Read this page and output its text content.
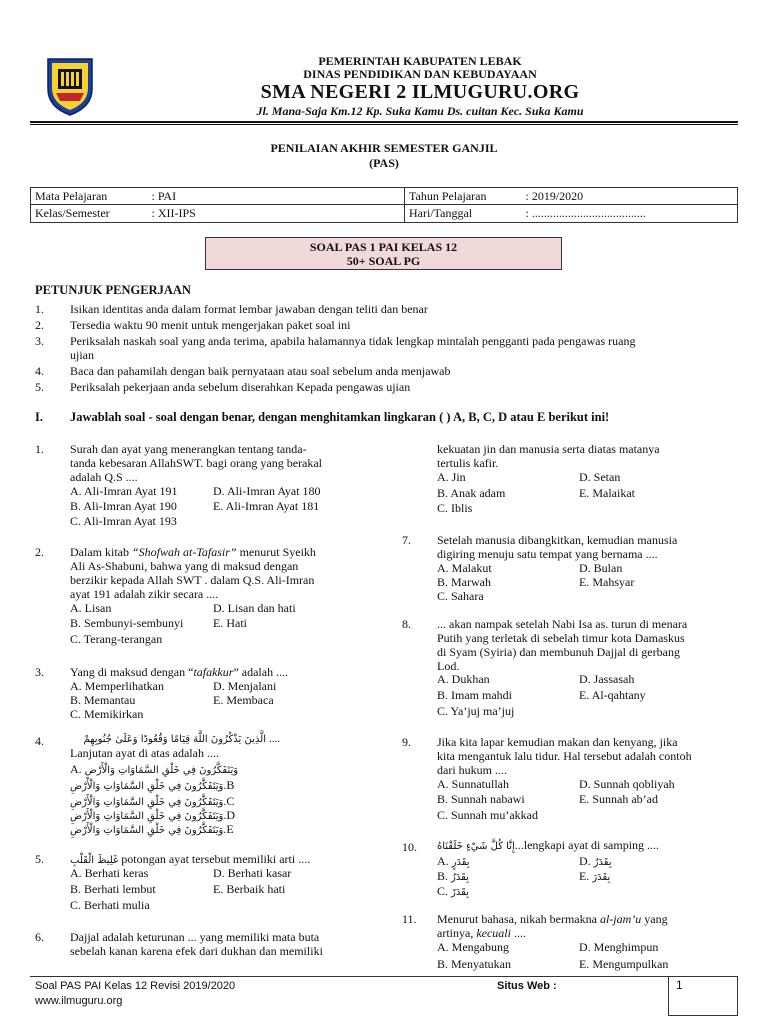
PEMERINTAH KABUPATEN LEBAK
DINAS PENDIDIKAN DAN KEBUDAYAAN
SMA NEGERI 2 ILMUGURU.ORG
Jl. Mana-Saja Km.12 Kp. Suka Kamu Ds. cuitan Kec. Suka Kamu
PENILAIAN AKHIR SEMESTER GANJIL
(PAS)
Mata Pelajaran	: PAI	Tahun Pelajaran	: 2019/2020
Kelas/Semester	: XII-IPS	Hari/Tanggal	: ......................................
SOAL PAS 1 PAI KELAS 12
50+ SOAL PG
PETUNJUK PENGERJAAN
1. Isikan identitas anda dalam format lembar jawaban dengan teliti dan benar
2. Tersedia waktu 90 menit untuk mengerjakan paket soal ini
3. Periksalah naskah soal yang anda terima, apabila halamannya tidak lengkap mintalah pengganti pada pengawas ruang
ujian
4. Baca dan pahamilah dengan baik pernyataan atau soal sebelum anda menjawab
5. Periksalah pekerjaan anda sebelum diserahkan Kepada pengawas ujian
I. Jawablah soal - soal dengan benar, dengan menghitamkan lingkaran ( ) A, B, C, D atau E berikut ini!
1. Surah dan ayat yang menerangkan tentang tanda-
tanda kebesaran AllahSWT. bagi orang yang berakal
adalah Q.S ....
A. Ali-Imran Ayat 191	D. Ali-Imran Ayat 180
B. Ali-Imran Ayat 190	E. Ali-Imran Ayat 181
C. Ali-Imran Ayat 193
2. Dalam kitab “Shofwah at-Tafasir” menurut Syeikh
Ali As-Shabuni, bahwa yang di maksud dengan
berzikir kepada Allah SWT . dalam Q.S. Ali-Imran
ayat 191 adalah zikir secara ....
A. Lisan	D. Lisan dan hati
B. Sembunyi-sembunyi E. Hati
C. Terang-terangan
3. Yang di maksud dengan “tafakkur” adalah ....
A. Memperlihatkan	D. Menjalani
B. Memantau	E. Membaca
C. Memikirkan
4.	الَّذِينَ يَذْكُرُونَ اللَّهَ قِيَامًا وَقُعُودًا وَعَلَىٰ جُنُوبِهِمْ ....
Lanjutan ayat di atas adalah ....
A. وَيَتَفَكَّرُونَ فِي خَلْقِ السَّمَاوَاتِ وَالْأَرْضِ
وَيَتَفَكَّرُونَ فِي خَلْقِ السَّمَاوَاتِ وَالْأَرْضِ.B
وَيَتَفَكَّرُونَ فِي خَلْقِ السَّمَاوَاتِ وَالْأَرْضِ.C
وَيَتَفَكَّرُونَ فِي خَلْقِ السَّمَاوَاتِ وَالْأَرْضِ.D
وَيَتَفَكَّرُونَ فِي خَلْقِ السَّمَاوَاتِ وَالْأَرْضِ.E
5.	غَلِيظَ الْقَلْبِ potongan ayat tersebut memiliki arti ....
A. Berhati keras	D. Berhati kasar
B. Berhati lembut	E. Berbaik hati
C. Berhati mulia
6. Dajjal adalah keturunan ... yang memiliki mata buta
sebelah kanan karena efek dari dukhan dan memiliki
kekuatan jin dan manusia serta diatas matanya
tertulis kafir.
A. Jin	D. Setan
B. Anak adam	E. Malaikat
C. Iblis
7. Setelah manusia dibangkitkan, kemudian manusia
digiring menuju satu tempat yang bernama ....
A. Malakut	D. Bulan
B. Marwah	E. Mahsyar
C. Sahara
8. ... akan nampak setelah Nabi Isa as. turun di menara
Putih yang terletak di sebelah timur kota Damaskus
di Syam (Syiria) dan membunuh Dajjal di gerbang
Lod.
A. Dukhan	D. Jassasah
B. Imam mahdi	E. Al-qahtany
C. Ya’juj ma’juj
9. Jika kita lapar kemudian makan dan kenyang, jika
kita mengantuk lalu tidur. Hal tersebut adalah contoh
dari hukum ....
A. Sunnatullah	D. Sunnah qobliyah
B. Sunnah nabawi	E. Sunnah ab’ad
C. Sunnah mu’akkad
10. إِنَّا كُلَّ شَيْءٍ خَلَقْنَاهُ...lengkapi ayat di samping ....
A. بِقَدَرٍ	D. بِقَدَرٌ
B. بِقَدَرُ	E. بِقَدَرَ
C. بِقَدَرً
11. Menurut bahasa, nikah bermakna al-jam’u yang
artinya, kecuali ....
A. Mengabung	D. Menghimpun
B. Menyatukan	E. Mengumpulkan
Soal PAS PAI Kelas 12 Revisi 2019/2020	Situs Web :
www.ilmuguru.org
1
